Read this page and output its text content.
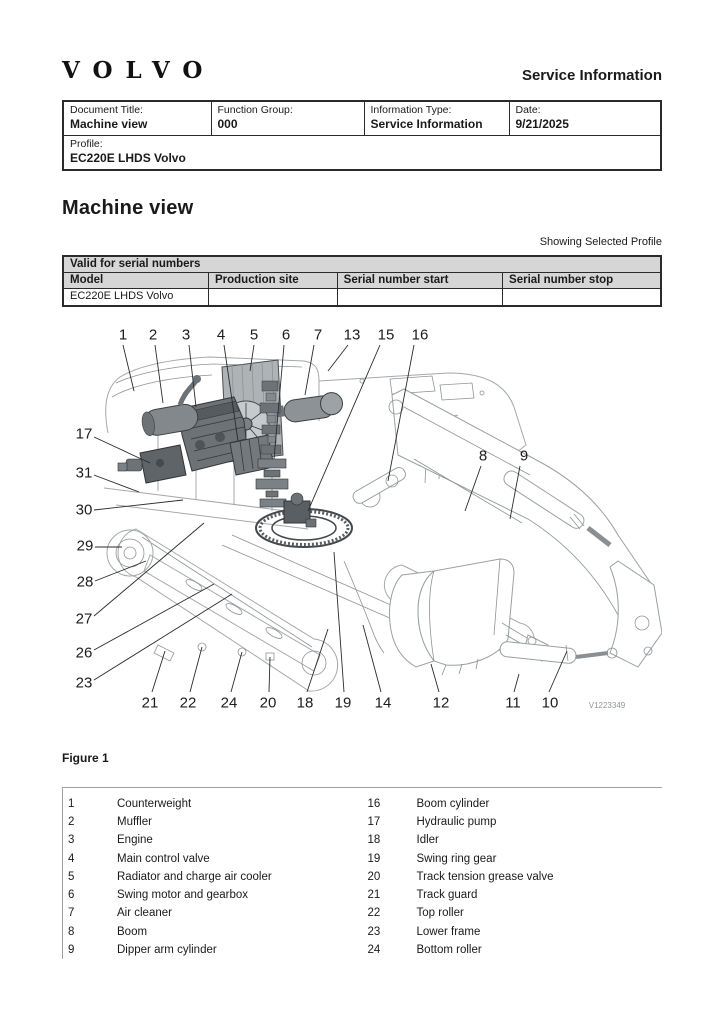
VOLVO	Service Information
Document Title:
Machine view

Function Group:
000

Information Type:
Service Information

Date:
9/21/2025

Profile:
EC220E LHDS Volvo
Machine view
Showing Selected Profile
Valid for serial numbers			
Model	Production site	Serial number start	Serial number stop
EC220E LHDS Volvo			
1 2 3 4 5 6 7 13 15 16
8 9
17
31
30
29
28
27
26
23
21 22 24 20 18 19 14	12	11 10	V1223349
Figure 1
1	Counterweight
2	Muffler
3	Engine
4	Main control valve
5	Radiator and charge air cooler
6	Swing motor and gearbox
7	Air cleaner
8	Boom
9	Dipper arm cylinder
16	Boom cylinder
17	Hydraulic pump
18	Idler
19	Swing ring gear
20	Track tension grease valve
21	Track guard
22	Top roller
23	Lower frame
24	Bottom roller
